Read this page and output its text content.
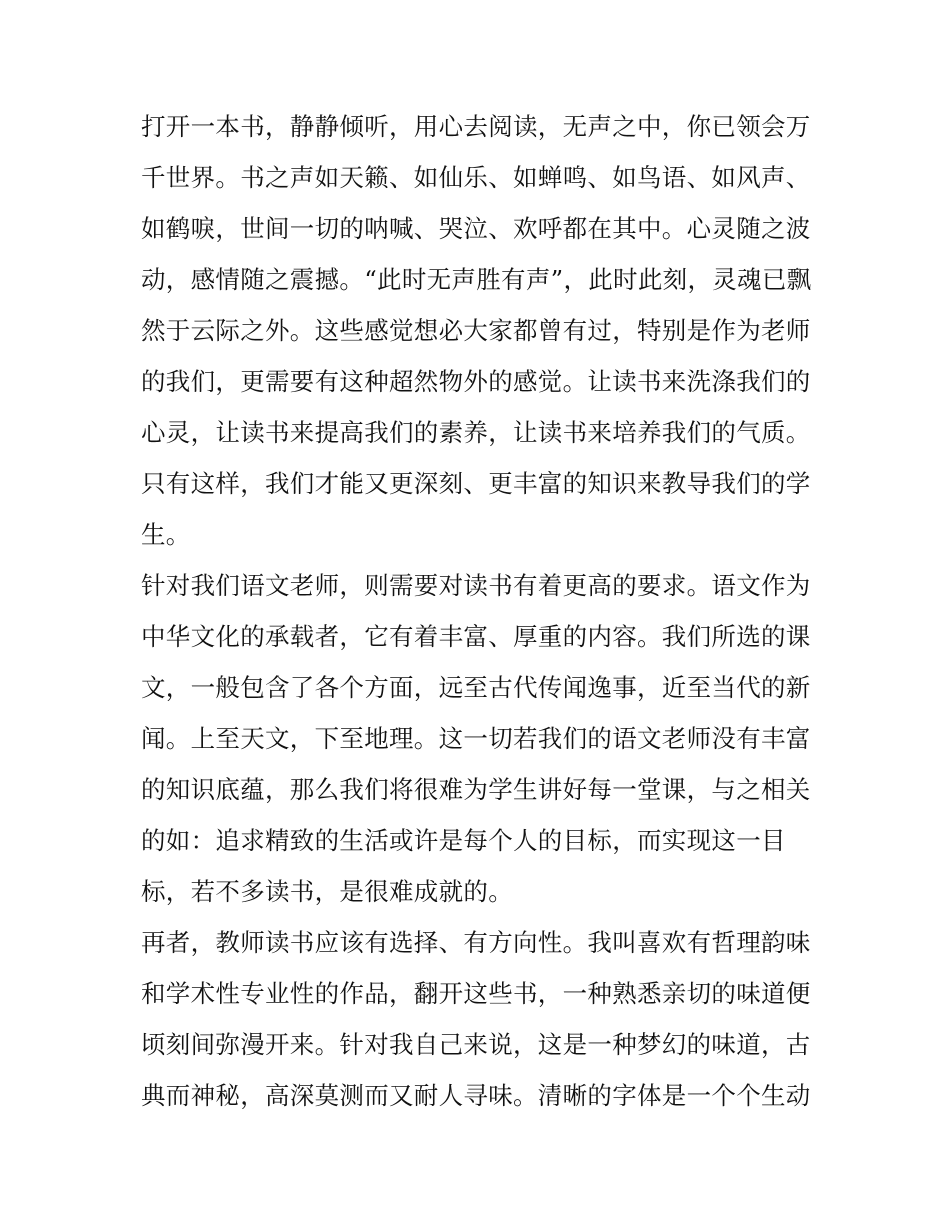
打开一本书，静静倾听，用心去阅读，无声之中，你已领会万
千世界。书之声如天籁、如仙乐、如蝉鸣、如鸟语、如风声、
如鹤唳，世间一切的呐喊、哭泣、欢呼都在其中。心灵随之波
动，感情随之震撼。“此时无声胜有声”，此时此刻，灵魂已飘
然于云际之外。这些感觉想必大家都曾有过，特别是作为老师
的我们，更需要有这种超然物外的感觉。让读书来洗涤我们的
心灵，让读书来提高我们的素养，让读书来培养我们的气质。
只有这样，我们才能又更深刻、更丰富的知识来教导我们的学
生。
针对我们语文老师，则需要对读书有着更高的要求。语文作为
中华文化的承载者，它有着丰富、厚重的内容。我们所选的课
文，一般包含了各个方面，远至古代传闻逸事，近至当代的新
闻。上至天文，下至地理。这一切若我们的语文老师没有丰富
的知识底蕴，那么我们将很难为学生讲好每一堂课，与之相关
的如：追求精致的生活或许是每个人的目标，而实现这一目
标，若不多读书，是很难成就的。
再者，教师读书应该有选择、有方向性。我叫喜欢有哲理韵味
和学术性专业性的作品，翻开这些书，一种熟悉亲切的味道便
顷刻间弥漫开来。针对我自己来说，这是一种梦幻的味道，古
典而神秘，高深莫测而又耐人寻味。清晰的字体是一个个生动
